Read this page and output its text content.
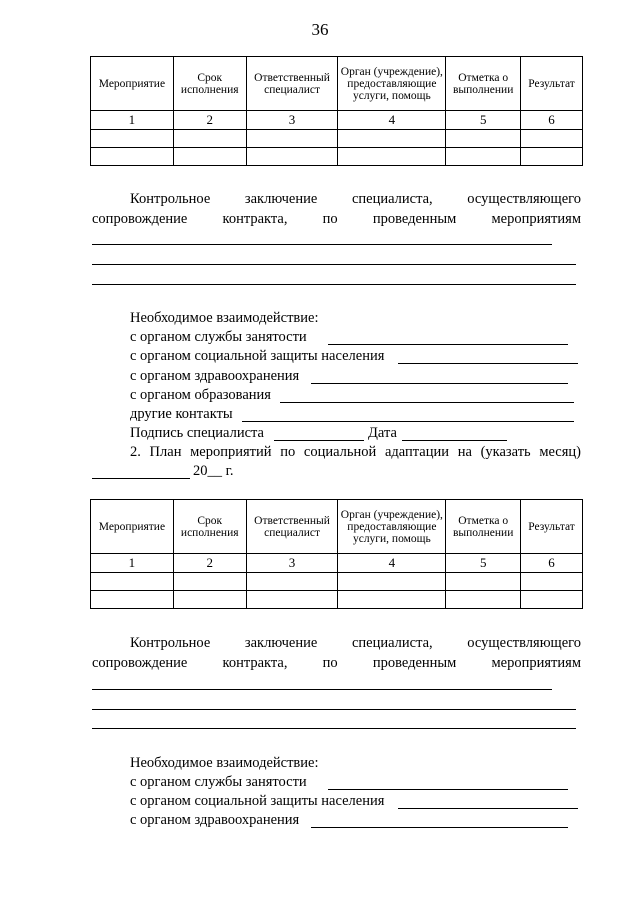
36
Мероприятие	Срок исполнения	Ответственный специалист	Орган (учреждение), предоставляющие услуги, помощь	Отметка о выполнении	Результат
1	2	3	4	5	6

Контрольное заключение специалиста, осуществляющего
сопровождение контракта, по проведенным мероприятиям
Необходимое взаимодействие:
с органом службы занятости
с органом социальной защиты населения
с органом здравоохранения
с органом образования
другие контакты
Подпись специалиста	Дата
2. План мероприятий по социальной адаптации на (указать месяц)
20__ г.
Мероприятие	Срок исполнения	Ответственный специалист	Орган (учреждение), предоставляющие услуги, помощь	Отметка о выполнении	Результат
1	2	3	4	5	6

Контрольное заключение специалиста, осуществляющего
сопровождение контракта, по проведенным мероприятиям
Необходимое взаимодействие:
с органом службы занятости
с органом социальной защиты населения
с органом здравоохранения
